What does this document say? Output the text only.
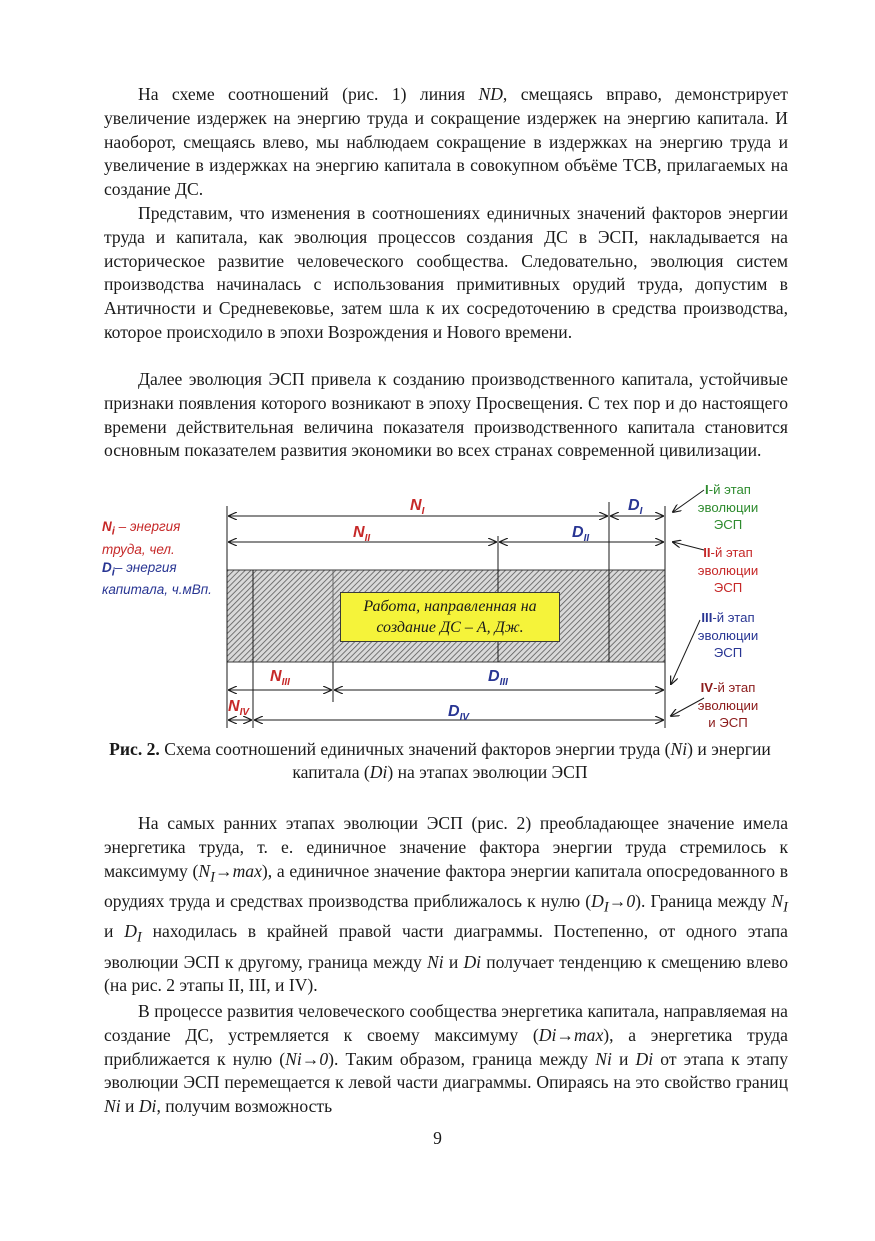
На схеме соотношений (рис. 1) линия ND, смещаясь вправо, демонстрирует увеличение издержек на энергию труда и сокращение издержек на энергию капитала. И наоборот, смещаясь влево, мы наблюдаем сокращение в издержках на энергию труда и увеличение в издержках на энергию капитала в совокупном объёме ТСВ, прилагаемых на создание ДС.

Представим, что изменения в соотношениях единичных значений факторов энергии труда и капитала, как эволюция процессов создания ДС в ЭСП, накладывается на историческое развитие человеческого сообщества. Следовательно, эволюция систем производства начиналась с использования примитивных орудий труда, допустим в Античности и Средневековье, затем шла к их сосредоточению в средства производства, которое происходило в эпохи Возрождения и Нового времени.

Далее эволюция ЭСП привела к созданию производственного капитала, устойчивые признаки появления которого возникают в эпоху Просвещения. С тех пор и до настоящего времени действительная величина показателя производственного капитала становится основным показателем развития экономики во всех странах современной цивилизации.

$N_I$	$D_I$
$N_{II}$	$D_{II}$
$N_{III}$	$D_{III}$
$N_{IV}$	$D_{IV}$
$N_i$ – энергия труда, чел.
$D_i-$ энергия капитала, ч.мВп.
Работа, направленная на создание ДС – А, Дж.
I-й этап
эволюции
ЭСП
II-й этап
эволюции
ЭСП
III-й этап
эволюции
ЭСП
IV-й этап
эволюции
и ЭСП

Рис. 2. Схема соотношений единичных значений факторов энергии труда (Ni) и энергии капитала (Di) на этапах эволюции ЭСП

На самых ранних этапах эволюции ЭСП (рис. 2) преобладающее значение имела энергетика труда, т. е. единичное значение фактора энергии труда стремилось к максимуму $(N_I\to\max)$, а единичное значение фактора энергии капитала опосредованного в орудиях труда и средствах производства приближалось к нулю $(D_I\to 0)$. Граница между $N_I$ и $D_I$ находилась в крайней правой части диаграммы. Постепенно, от одного этапа эволюции ЭСП к другому, граница между Ni и Di получает тенденцию к смещению влево (на рис. 2 этапы II, III, и IV).

В процессе развития человеческого сообщества энергетика капитала, направляемая на создание ДС, устремляется к своему максимуму (Di→max), а энергетика труда приближается к нулю (Ni→0). Таким образом, граница между Ni и Di от этапа к этапу эволюции ЭСП перемещается к левой части диаграммы. Опираясь на это свойство границ Ni и Di, получим возможность

9
